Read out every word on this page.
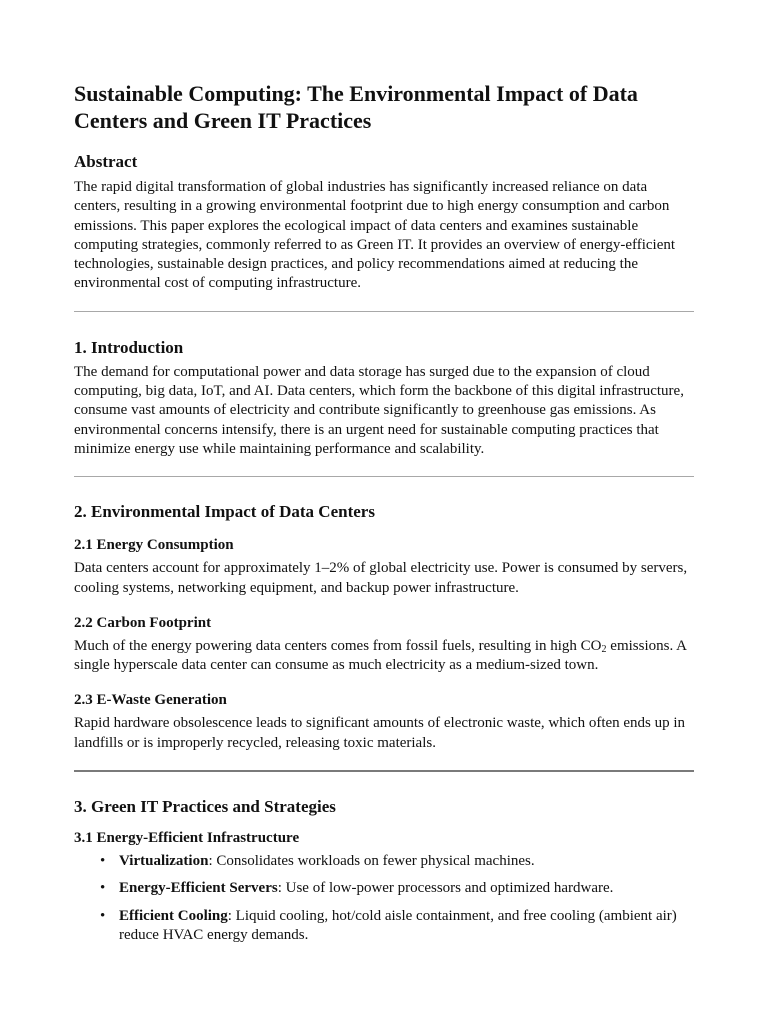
Sustainable Computing: The Environmental Impact of Data Centers and Green IT Practices
Abstract

The rapid digital transformation of global industries has significantly increased reliance on data centers, resulting in a growing environmental footprint due to high energy consumption and carbon emissions. This paper explores the ecological impact of data centers and examines sustainable computing strategies, commonly referred to as Green IT. It provides an overview of energy-efficient technologies, sustainable design practices, and policy recommendations aimed at reducing the environmental cost of computing infrastructure.

1. Introduction

The demand for computational power and data storage has surged due to the expansion of cloud computing, big data, IoT, and AI. Data centers, which form the backbone of this digital infrastructure, consume vast amounts of electricity and contribute significantly to greenhouse gas emissions. As environmental concerns intensify, there is an urgent need for sustainable computing practices that minimize energy use while maintaining performance and scalability.

2. Environmental Impact of Data Centers
2.1 Energy Consumption

Data centers account for approximately 1–2% of global electricity use. Power is consumed by servers, cooling systems, networking equipment, and backup power infrastructure.

2.2 Carbon Footprint

Much of the energy powering data centers comes from fossil fuels, resulting in high $CO_2$ emissions. A single hyperscale data center can consume as much electricity as a medium-sized town.

2.3 E-Waste Generation

Rapid hardware obsolescence leads to significant amounts of electronic waste, which often ends up in landfills or is improperly recycled, releasing toxic materials.

3. Green IT Practices and Strategies
3.1 Energy-Efficient Infrastructure
• Virtualization: Consolidates workloads on fewer physical machines.
• Energy-Efficient Servers: Use of low-power processors and optimized hardware.
• Efficient Cooling: Liquid cooling, hot/cold aisle containment, and free cooling (ambient air) reduce HVAC energy demands.
